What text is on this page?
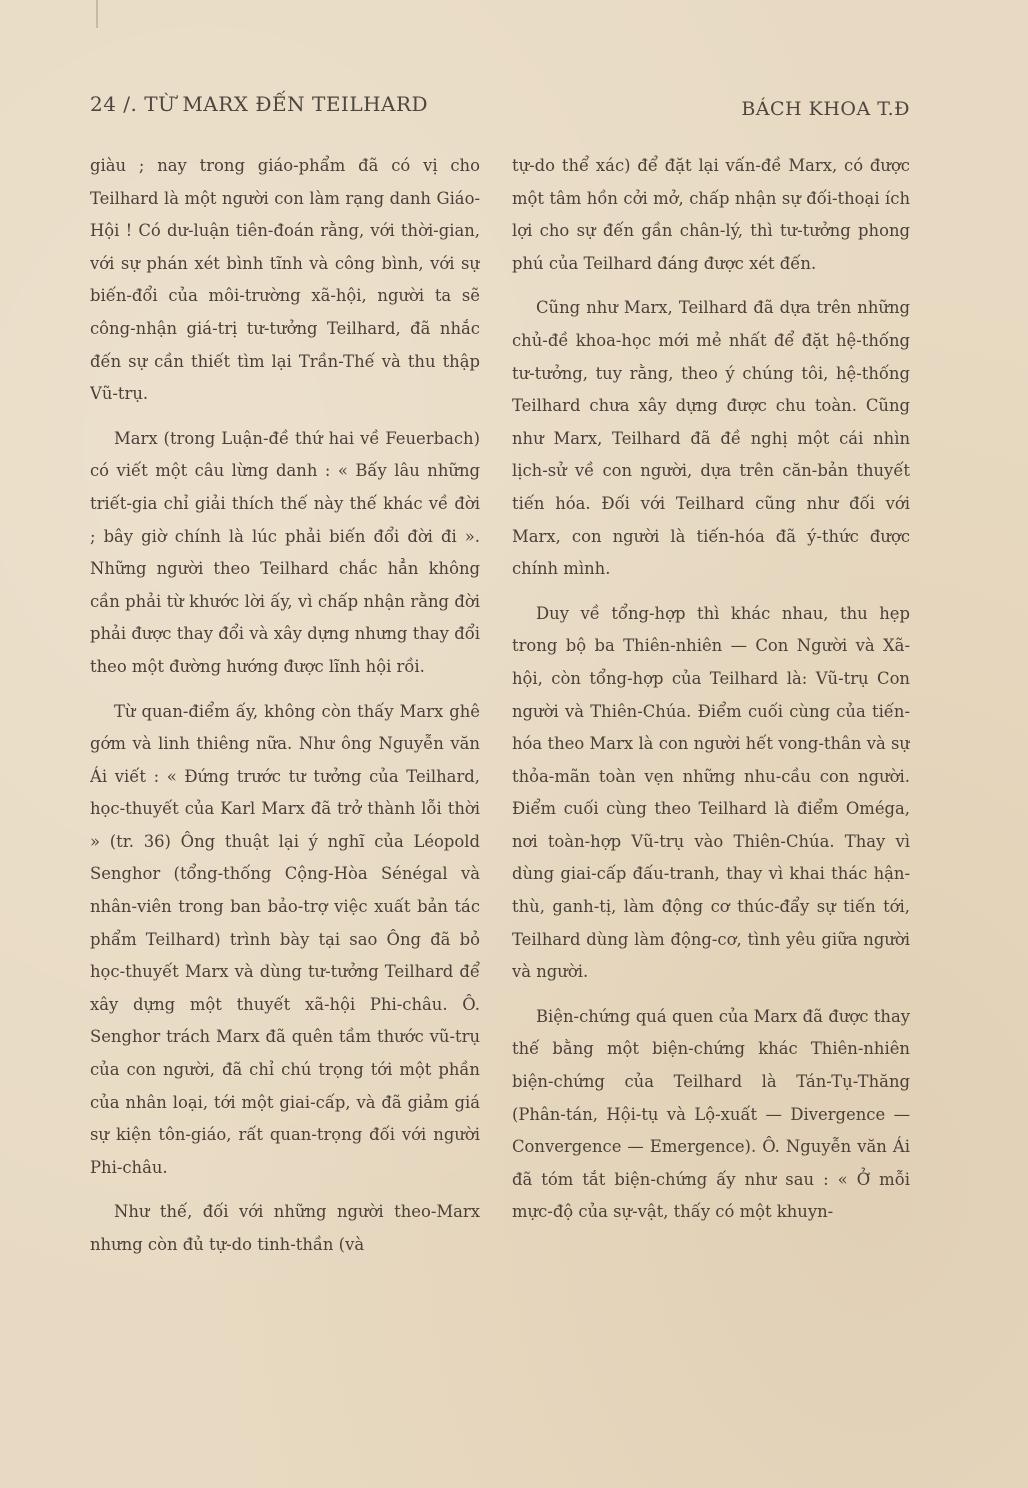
24 /. TỪ MARX ĐẾN TEILHARD	BÁCH KHOA T.Đ

giàu ; nay trong giáo-phẩm đã có vị cho Teilhard là một người con làm rạng danh Giáo-Hội ! Có dư-luận tiên-đoán rằng, với thời-gian, với sự phán xét bình tĩnh và công bình, với sự biến-đổi của môi-trường xã-hội, người ta sẽ công-nhận giá-trị tư-tưởng Teilhard, đã nhắc đến sự cần thiết tìm lại Trần-Thế và thu thập Vũ-trụ.

Marx (trong Luận-đề thứ hai về Feuerbach) có viết một câu lừng danh : « Bấy lâu những triết-gia chỉ giải thích thế này thế khác về đời ; bây giờ chính là lúc phải biến đổi đời đi ». Những người theo Teilhard chắc hẳn không cần phải từ khước lời ấy, vì chấp nhận rằng đời phải được thay đổi và xây dựng nhưng thay đổi theo một đường hướng được lĩnh hội rồi.

Từ quan-điểm ấy, không còn thấy Marx ghê gớm và linh thiêng nữa. Như ông Nguyễn văn Ái viết : « Đứng trước tư tưởng của Teilhard, học-thuyết của Karl Marx đã trở thành lỗi thời » (tr. 36) Ông thuật lại ý nghĩ của Léopold Senghor (tổng-thống Cộng-Hòa Sénégal và nhân-viên trong ban bảo-trợ việc xuất bản tác phẩm Teilhard) trình bày tại sao Ông đã bỏ học-thuyết Marx và dùng tư-tưởng Teilhard để xây dựng một thuyết xã-hội Phi-châu. Ô. Senghor trách Marx đã quên tầm thước vũ-trụ của con người, đã chỉ chú trọng tới một phần của nhân loại, tới một giai-cấp, và đã giảm giá sự kiện tôn-giáo, rất quan-trọng đối với người Phi-châu.

Như thế, đối với những người theo-Marx nhưng còn đủ tự-do tinh-thần (và

tự-do thể xác) để đặt lại vấn-đề Marx, có được một tâm hồn cởi mở, chấp nhận sự đối-thoại ích lợi cho sự đến gần chân-lý, thì tư-tưởng phong phú của Teilhard đáng được xét đến.

Cũng như Marx, Teilhard đã dựa trên những chủ-đề khoa-học mới mẻ nhất để đặt hệ-thống tư-tưởng, tuy rằng, theo ý chúng tôi, hệ-thống Teilhard chưa xây dựng được chu toàn. Cũng như Marx, Teilhard đã đề nghị một cái nhìn lịch-sử về con người, dựa trên căn-bản thuyết tiến hóa. Đối với Teilhard cũng như đối với Marx, con người là tiến-hóa đã ý-thức được chính mình.

Duy về tổng-hợp thì khác nhau, thu hẹp trong bộ ba Thiên-nhiên — Con Người và Xã-hội, còn tổng-hợp của Teilhard là: Vũ-trụ Con người và Thiên-Chúa. Điểm cuối cùng của tiến-hóa theo Marx là con người hết vong-thân và sự thỏa-mãn toàn vẹn những nhu-cầu con người. Điểm cuối cùng theo Teilhard là điểm Oméga, nơi toàn-hợp Vũ-trụ vào Thiên-Chúa. Thay vì dùng giai-cấp đấu-tranh, thay vì khai thác hận-thù, ganh-tị, làm động cơ thúc-đẩy sự tiến tới, Teilhard dùng làm động-cơ, tình yêu giữa người và người.

Biện-chứng quá quen của Marx đã được thay thế bằng một biện-chứng khác Thiên-nhiên biện-chứng của Teilhard là Tán-Tụ-Thăng (Phân-tán, Hội-tụ và Lộ-xuất — Divergence — Convergence — Emergence). Ô. Nguyễn văn Ái đã tóm tắt biện-chứng ấy như sau : « Ở mỗi mực-độ của sự-vật, thấy có một khuyn-
